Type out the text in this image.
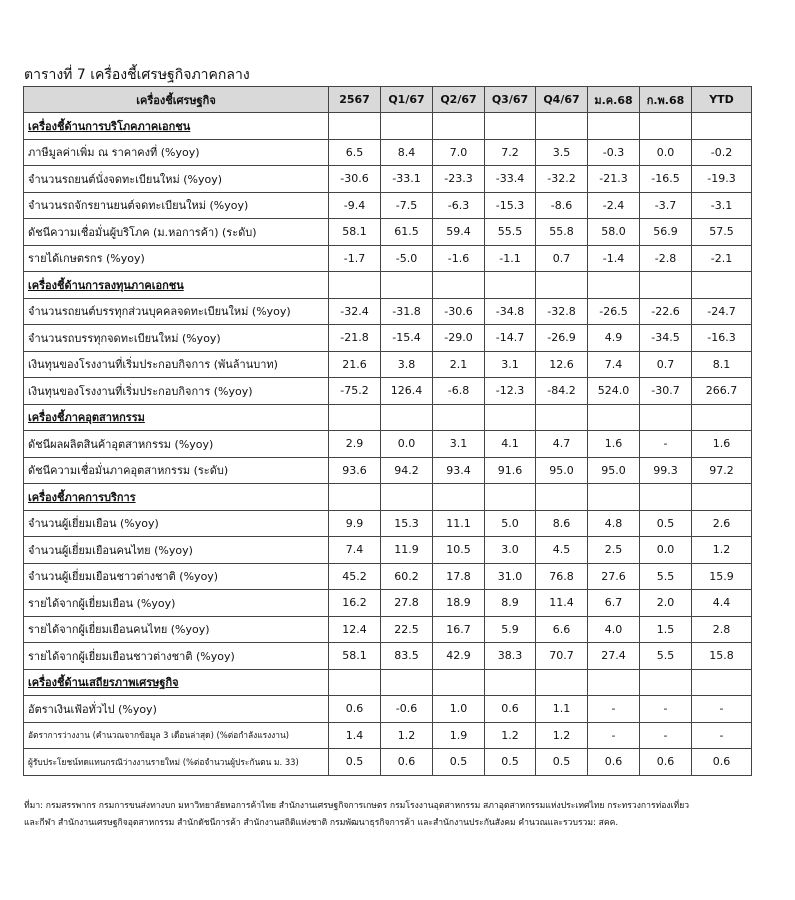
ตารางที่ 7 เครื่องชี้เศรษฐกิจภาคกลาง
เครื่องชี้เศรษฐกิจ	2567	Q1/67	Q2/67	Q3/67	Q4/67	ม.ค.68	ก.พ.68	YTD
เครื่องชี้ด้านการบริโภคภาคเอกชน								
ภาษีมูลค่าเพิ่ม ณ ราคาคงที่ (%yoy)	6.5	8.4	7.0	7.2	3.5	-0.3	0.0	-0.2
จำนวนรถยนต์นั่งจดทะเบียนใหม่ (%yoy)	-30.6	-33.1	-23.3	-33.4	-32.2	-21.3	-16.5	-19.3
จำนวนรถจักรยานยนต์จดทะเบียนใหม่ (%yoy)	-9.4	-7.5	-6.3	-15.3	-8.6	-2.4	-3.7	-3.1
ดัชนีความเชื่อมั่นผู้บริโภค (ม.หอการค้า) (ระดับ)	58.1	61.5	59.4	55.5	55.8	58.0	56.9	57.5
รายได้เกษตรกร (%yoy)	-1.7	-5.0	-1.6	-1.1	0.7	-1.4	-2.8	-2.1
เครื่องชี้ด้านการลงทุนภาคเอกชน								
จำนวนรถยนต์บรรทุกส่วนบุคคลจดทะเบียนใหม่ (%yoy)	-32.4	-31.8	-30.6	-34.8	-32.8	-26.5	-22.6	-24.7
จำนวนรถบรรทุกจดทะเบียนใหม่ (%yoy)	-21.8	-15.4	-29.0	-14.7	-26.9	4.9	-34.5	-16.3
เงินทุนของโรงงานที่เริ่มประกอบกิจการ (พันล้านบาท)	21.6	3.8	2.1	3.1	12.6	7.4	0.7	8.1
เงินทุนของโรงงานที่เริ่มประกอบกิจการ (%yoy)	-75.2	126.4	-6.8	-12.3	-84.2	524.0	-30.7	266.7
เครื่องชี้ภาคอุตสาหกรรม								
ดัชนีผลผลิตสินค้าอุตสาหกรรม (%yoy)	2.9	0.0	3.1	4.1	4.7	1.6	-	1.6
ดัชนีความเชื่อมั่นภาคอุตสาหกรรม (ระดับ)	93.6	94.2	93.4	91.6	95.0	95.0	99.3	97.2
เครื่องชี้ภาคการบริการ								
จำนวนผู้เยี่ยมเยือน (%yoy)	9.9	15.3	11.1	5.0	8.6	4.8	0.5	2.6
จำนวนผู้เยี่ยมเยือนคนไทย (%yoy)	7.4	11.9	10.5	3.0	4.5	2.5	0.0	1.2
จำนวนผู้เยี่ยมเยือนชาวต่างชาติ (%yoy)	45.2	60.2	17.8	31.0	76.8	27.6	5.5	15.9
รายได้จากผู้เยี่ยมเยือน (%yoy)	16.2	27.8	18.9	8.9	11.4	6.7	2.0	4.4
รายได้จากผู้เยี่ยมเยือนคนไทย (%yoy)	12.4	22.5	16.7	5.9	6.6	4.0	1.5	2.8
รายได้จากผู้เยี่ยมเยือนชาวต่างชาติ (%yoy)	58.1	83.5	42.9	38.3	70.7	27.4	5.5	15.8
เครื่องชี้ด้านเสถียรภาพเศรษฐกิจ								
อัตราเงินเฟ้อทั่วไป (%yoy)	0.6	-0.6	1.0	0.6	1.1	-	-	-
อัตราการว่างงาน (คำนวณจากข้อมูล 3 เดือนล่าสุด) (%ต่อกำลังแรงงาน)	1.4	1.2	1.9	1.2	1.2	-	-	-
ผู้รับประโยชน์ทดแทนกรณีว่างงานรายใหม่ (%ต่อจำนวนผู้ประกันตน ม. 33)	0.5	0.6	0.5	0.5	0.5	0.6	0.6	0.6
ที่มา: กรมสรรพากร กรมการขนส่งทางบก มหาวิทยาลัยหอการค้าไทย สำนักงานเศรษฐกิจการเกษตร กรมโรงงานอุตสาหกรรม สภาอุตสาหกรรมแห่งประเทศไทย กระทรวงการท่องเที่ยว
และกีฬา สำนักงานเศรษฐกิจอุตสาหกรรม สำนักดัชนีการค้า สำนักงานสถิติแห่งชาติ กรมพัฒนาธุรกิจการค้า และสำนักงานประกันสังคม คำนวณและรวบรวม: สคค.
